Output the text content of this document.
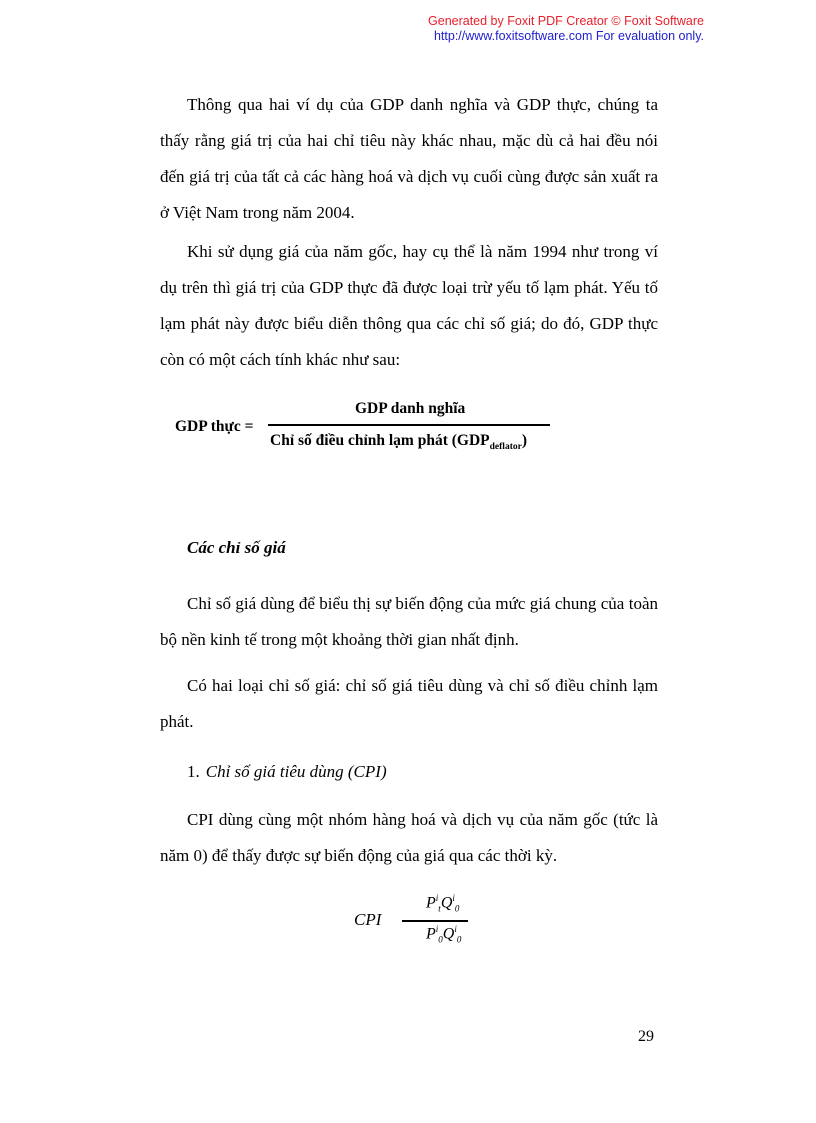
Generated by Foxit PDF Creator © Foxit Software
http://www.foxitsoftware.com For evaluation only.

Thông qua hai ví dụ của GDP danh nghĩa và GDP thực, chúng ta thấy rằng giá trị của hai chỉ tiêu này khác nhau, mặc dù cả hai đều nói đến giá trị của tất cả các hàng hoá và dịch vụ cuối cùng được sản xuất ra ở Việt Nam trong năm 2004.

Khi sử dụng giá của năm gốc, hay cụ thể là năm 1994 như trong ví dụ trên thì giá trị của GDP thực đã được loại trừ yếu tố lạm phát. Yếu tố lạm phát này được biểu diễn thông qua các chỉ số giá; do đó, GDP thực còn có một cách tính khác như sau:

GDP thực =
GDP danh nghĩa
Chỉ số điều chỉnh lạm phát $(GDP_{deflator})$

Các chỉ số giá

Chỉ số giá dùng để biểu thị sự biến động của mức giá chung của toàn bộ nền kinh tế trong một khoảng thời gian nhất định.

Có hai loại chỉ số giá: chỉ số giá tiêu dùng và chỉ số điều chỉnh lạm phát.

1. Chỉ số giá tiêu dùng (CPI)

CPI dùng cùng một nhóm hàng hoá và dịch vụ của năm gốc (tức là năm 0) để thấy được sự biến động của giá qua các thời kỳ.

CPI
$P^i_tQ^i_0$
$P^i_0Q^i_0$
29
